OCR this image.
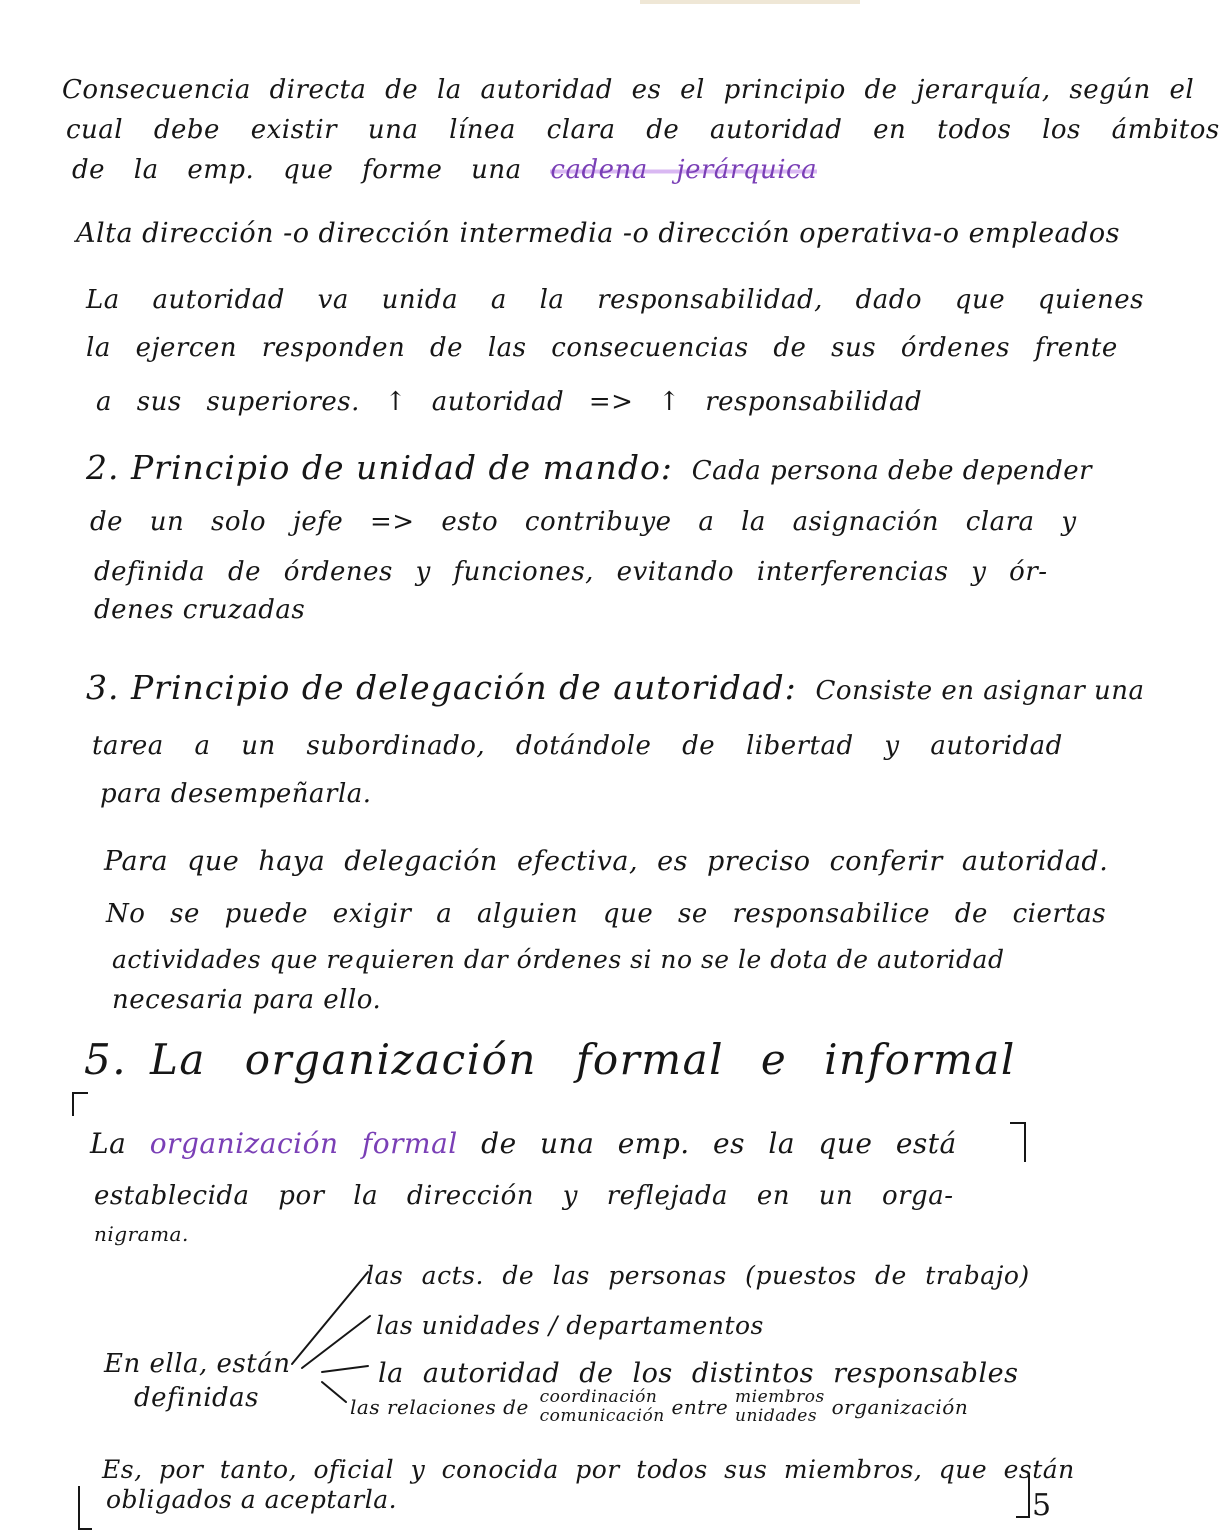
Consecuencia directa de la autoridad es el principio de jerarquía, según el
cual debe existir una línea clara de autoridad en todos los ámbitos
de la emp. que forme una cadena jerárquica
Alta dirección -o dirección intermedia -o dirección operativa-o empleados
La autoridad va unida a la responsabilidad, dado que quienes
la ejercen responden de las consecuencias de sus órdenes frente
a sus superiores. ↑ autoridad => ↑ responsabilidad
2. Principio de unidad de mando: Cada persona debe depender
de un solo jefe => esto contribuye a la asignación clara y
definida de órdenes y funciones, evitando interferencias y ór-
denes cruzadas
3. Principio de delegación de autoridad: Consiste en asignar una
tarea a un subordinado, dotándole de libertad y autoridad
para desempeñarla.
Para que haya delegación efectiva, es preciso conferir autoridad.
No se puede exigir a alguien que se responsabilice de ciertas
actividades que requieren dar órdenes si no se le dota de autoridad
necesaria para ello.
5. La organización formal e informal
La organización formal de una emp. es la que está
establecida por la dirección y reflejada en un orga-
nigrama.
En ella, están
definidas
las acts. de las personas (puestos de trabajo)
las unidades / departamentos
la autoridad de los distintos responsables
las relaciones de coordinación
comunicación entre miembros
unidades organización
Es, por tanto, oficial y conocida por todos sus miembros, que están
obligados a aceptarla.	5
